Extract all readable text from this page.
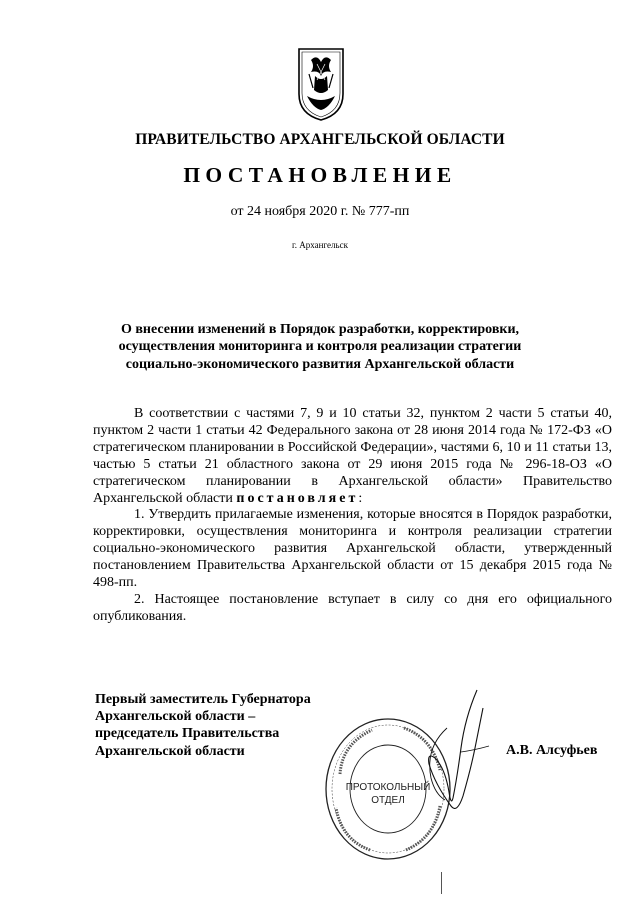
ПРАВИТЕЛЬСТВО АРХАНГЕЛЬСКОЙ ОБЛАСТИ
ПОСТАНОВЛЕНИЕ
от 24 ноября 2020 г. № 777-пп
г. Архангельск
О внесении изменений в Порядок разработки, корректировки,
осуществления мониторинга и контроля реализации стратегии
социально-экономического развития Архангельской области

В соответствии с частями 7, 9 и 10 статьи 32, пунктом 2 части 5 статьи 40, пунктом 2 части 1 статьи 42 Федерального закона от 28 июня 2014 года № 172-ФЗ «О стратегическом планировании в Российской Федерации», частями 6, 10 и 11 статьи 13, частью 5 статьи 21 областного закона от 29 июня 2015 года № 296-18-ОЗ «О стратегическом планировании в Архангельской области» Правительство Архангельской области постановляет:

1. Утвердить прилагаемые изменения, которые вносятся в Порядок разработки, корректировки, осуществления мониторинга и контроля реализации стратегии социально-экономического развития Архангельской области, утвержденный постановлением Правительства Архангельской области от 15 декабря 2015 года № 498-пп.

2. Настоящее постановление вступает в силу со дня его официального опубликования.

Первый заместитель Губернатора
Архангельской области –
председатель Правительства
Архангельской области
ПРОТОКОЛЬНЫЙ
ОТДЕЛ
А.В. Алсуфьев
